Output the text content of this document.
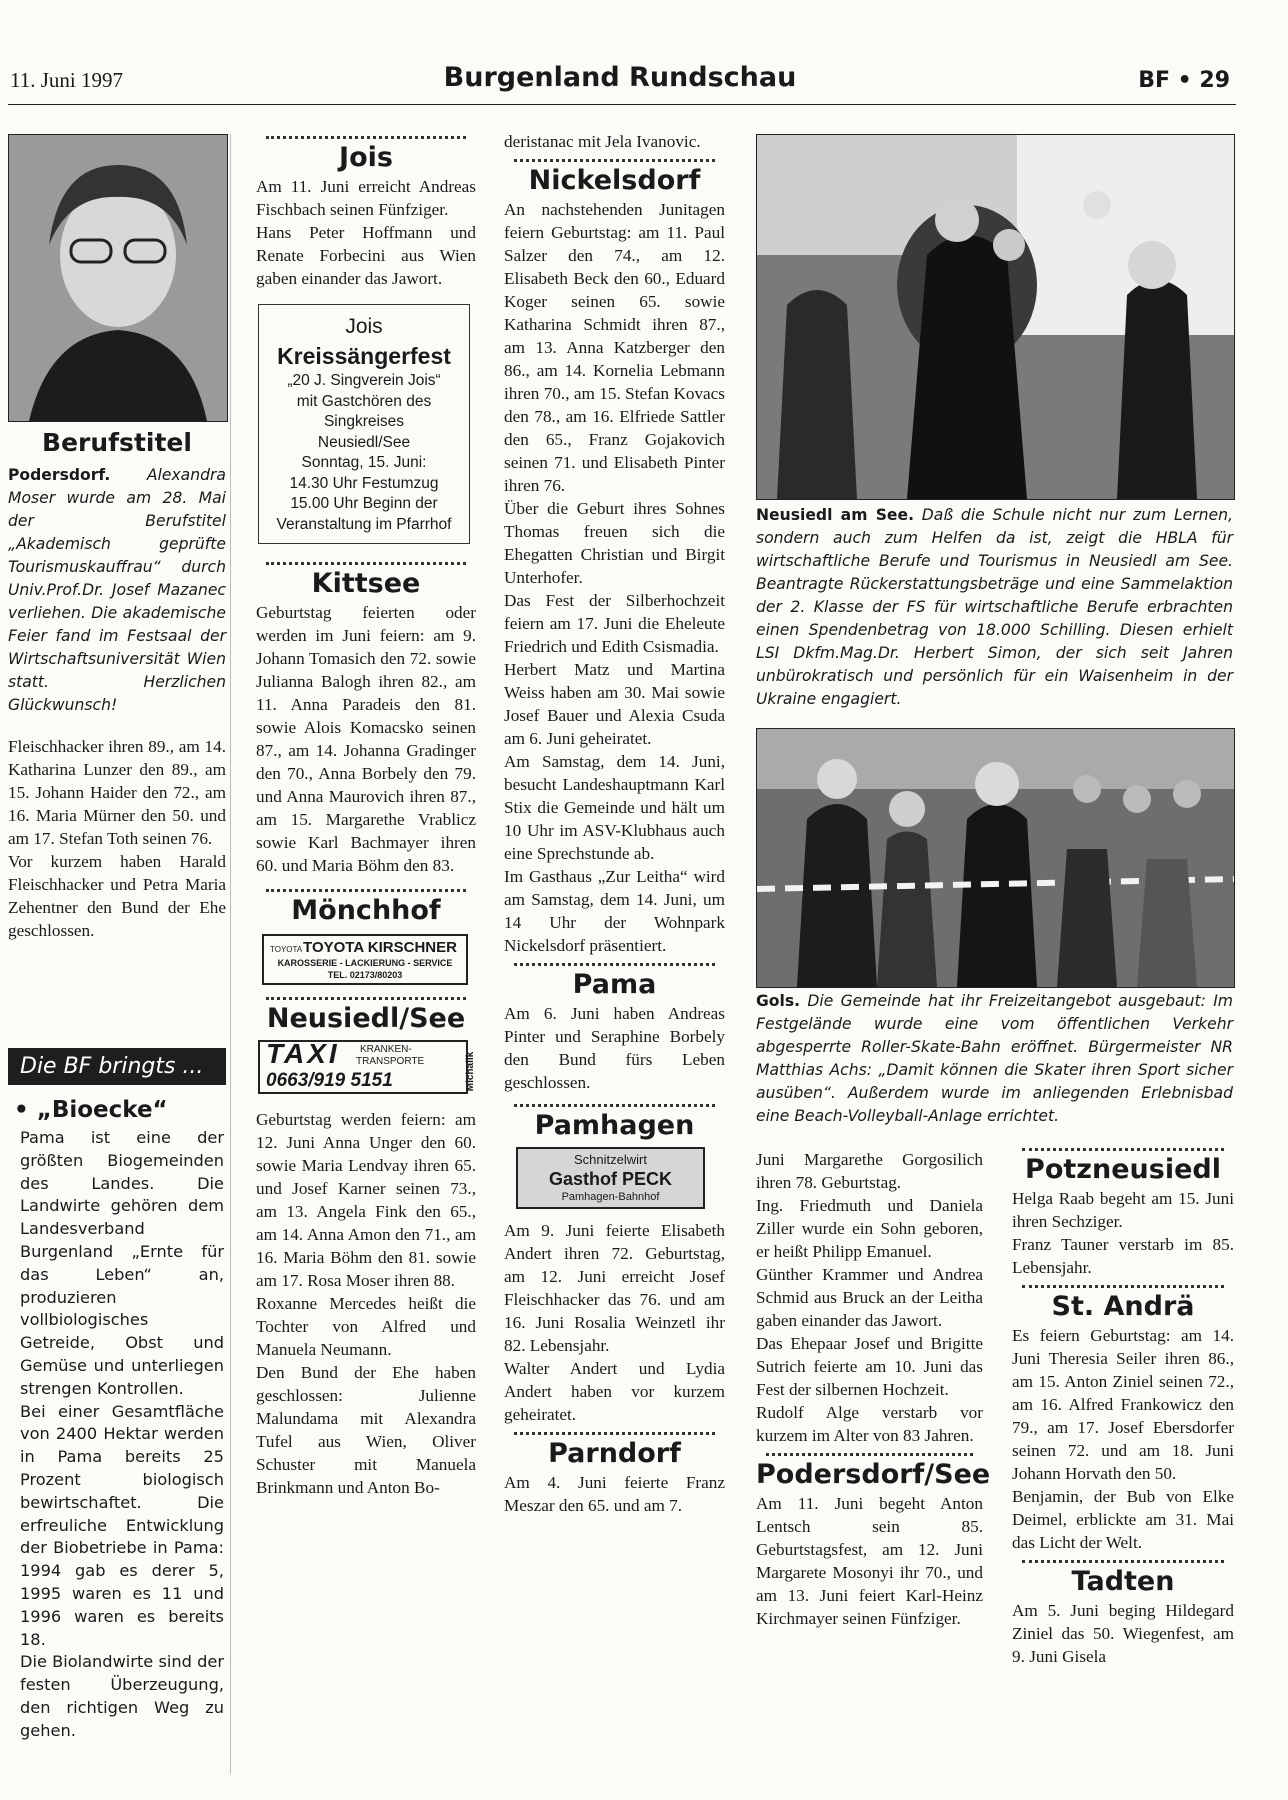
11. Juni 1997	Burgenland Rundschau	BF • 29
Berufstitel

Podersdorf. Alexandra Moser wurde am 28. Mai der Berufstitel „Akademisch geprüfte Tourismuskauffrau“ durch Univ.Prof.Dr. Josef Mazanec verliehen. Die akademische Feier fand im Festsaal der Wirtschaftsuniversität Wien statt. Herzlichen Glückwunsch!

Fleischhacker ihren 89., am 14. Katharina Lunzer den 89., am 15. Johann Haider den 72., am 16. Maria Mürner den 50. und am 17. Stefan Toth seinen 76.

Vor kurzem haben Harald Fleischhacker und Petra Maria Zehentner den Bund der Ehe geschlossen.

Die BF bringts ...
• „Bioecke“

Pama ist eine der größten Biogemeinden des Landes. Die Landwirte gehören dem Landesverband Burgenland „Ernte für das Leben“ an, produzieren vollbiologisches Getreide, Obst und Gemüse und unterliegen strengen Kontrollen.

Bei einer Gesamtfläche von 2400 Hektar werden in Pama bereits 25 Prozent biologisch bewirtschaftet. Die erfreuliche Entwicklung der Biobetriebe in Pama: 1994 gab es derer 5, 1995 waren es 11 und 1996 waren es bereits 18.

Die Biolandwirte sind der festen Überzeugung, den richtigen Weg zu gehen.

Jois

Am 11. Juni erreicht Andreas Fischbach seinen Fünfziger.

Hans Peter Hoffmann und Renate Forbecini aus Wien gaben einander das Jawort.

Jois
Kreissängerfest
„20 J. Singverein Jois“
mit Gastchören des
Singkreises
Neusiedl/See
Sonntag, 15. Juni:
14.30 Uhr Festumzug
15.00 Uhr Beginn der
Veranstaltung im Pfarrhof
Kittsee

Geburtstag feierten oder werden im Juni feiern: am 9. Johann Tomasich den 72. sowie Julianna Balogh ihren 82., am 11. Anna Paradeis den 81. sowie Alois Komacsko seinen 87., am 14. Johanna Gradinger den 70., Anna Borbely den 79. und Anna Maurovich ihren 87., am 15. Margarethe Vrablicz sowie Karl Bachmayer ihren 60. und Maria Böhm den 83.

Mönchhof
TOYOTA TOYOTA KIRSCHNER
KAROSSERIE - LACKIERUNG - SERVICE
TEL. 02173/80203
Neusiedl/See
TAXI KRANKEN-
TRANSPORTE
0663/919 5151	Michalik

Geburtstag werden feiern: am 12. Juni Anna Unger den 60. sowie Maria Lendvay ihren 65. und Josef Karner seinen 73., am 13. Angela Fink den 65., am 14. Anna Amon den 71., am 16. Maria Böhm den 81. sowie am 17. Rosa Moser ihren 88.

Roxanne Mercedes heißt die Tochter von Alfred und Manuela Neumann.

Den Bund der Ehe haben geschlossen: Julienne Malundama mit Alexandra Tufel aus Wien, Oliver Schuster mit Manuela Brinkmann und Anton Bo-

deristanac mit Jela Ivanovic.

Nickelsdorf

An nachstehenden Junitagen feiern Geburtstag: am 11. Paul Salzer den 74., am 12. Elisabeth Beck den 60., Eduard Koger seinen 65. sowie Katharina Schmidt ihren 87., am 13. Anna Katzberger den 86., am 14. Kornelia Lebmann ihren 70., am 15. Stefan Kovacs den 78., am 16. Elfriede Sattler den 65., Franz Gojakovich seinen 71. und Elisabeth Pinter ihren 76.

Über die Geburt ihres Sohnes Thomas freuen sich die Ehegatten Christian und Birgit Unterhofer.

Das Fest der Silberhochzeit feiern am 17. Juni die Eheleute Friedrich und Edith Csismadia.

Herbert Matz und Martina Weiss haben am 30. Mai sowie Josef Bauer und Alexia Csuda am 6. Juni geheiratet.

Am Samstag, dem 14. Juni, besucht Landeshauptmann Karl Stix die Gemeinde und hält um 10 Uhr im ASV-Klubhaus auch eine Sprechstunde ab.

Im Gasthaus „Zur Leitha“ wird am Samstag, dem 14. Juni, um 14 Uhr der Wohnpark Nickelsdorf präsentiert.

Pama

Am 6. Juni haben Andreas Pinter und Seraphine Borbely den Bund fürs Leben geschlossen.

Pamhagen
Schnitzelwirt
Gasthof PECK
Pamhagen-Bahnhof

Am 9. Juni feierte Elisabeth Andert ihren 72. Geburtstag, am 12. Juni erreicht Josef Fleischhacker das 76. und am 16. Juni Rosalia Weinzetl ihr 82. Lebensjahr.

Walter Andert und Lydia Andert haben vor kurzem geheiratet.

Parndorf

Am 4. Juni feierte Franz Meszar den 65. und am 7.

Neusiedl am See. Daß die Schule nicht nur zum Lernen, sondern auch zum Helfen da ist, zeigt die HBLA für wirtschaftliche Berufe und Tourismus in Neusiedl am See. Beantragte Rückerstattungsbeträge und eine Sammelaktion der 2. Klasse der FS für wirtschaftliche Berufe erbrachten einen Spendenbetrag von 18.000 Schilling. Diesen erhielt LSI Dkfm.Mag.Dr. Herbert Simon, der sich seit Jahren unbürokratisch und persönlich für ein Waisenheim in der Ukraine engagiert.

Gols. Die Gemeinde hat ihr Freizeitangebot ausgebaut: Im Festgelände wurde eine vom öffentlichen Verkehr abgesperrte Roller-Skate-Bahn eröffnet. Bürgermeister NR Matthias Achs: „Damit können die Skater ihren Sport sicher ausüben“. Außerdem wurde im anliegenden Erlebnisbad eine Beach-Volleyball-Anlage errichtet.

Juni Margarethe Gorgosilich ihren 78. Geburtstag.

Ing. Friedmuth und Daniela Ziller wurde ein Sohn geboren, er heißt Philipp Emanuel.

Günther Krammer und Andrea Schmid aus Bruck an der Leitha gaben einander das Jawort.

Das Ehepaar Josef und Brigitte Sutrich feierte am 10. Juni das Fest der silbernen Hochzeit.

Rudolf Alge verstarb vor kurzem im Alter von 83 Jahren.

Podersdorf/See

Am 11. Juni begeht Anton Lentsch sein 85. Geburtstagsfest, am 12. Juni Margarete Mosonyi ihr 70., und am 13. Juni feiert Karl-Heinz Kirchmayer seinen Fünfziger.

Potzneusiedl

Helga Raab begeht am 15. Juni ihren Sechziger.

Franz Tauner verstarb im 85. Lebensjahr.

St. Andrä

Es feiern Geburtstag: am 14. Juni Theresia Seiler ihren 86., am 15. Anton Ziniel seinen 72., am 16. Alfred Frankowicz den 79., am 17. Josef Ebersdorfer seinen 72. und am 18. Juni Johann Horvath den 50.

Benjamin, der Bub von Elke Deimel, erblickte am 31. Mai das Licht der Welt.

Tadten

Am 5. Juni beging Hildegard Ziniel das 50. Wiegenfest, am 9. Juni Gisela
